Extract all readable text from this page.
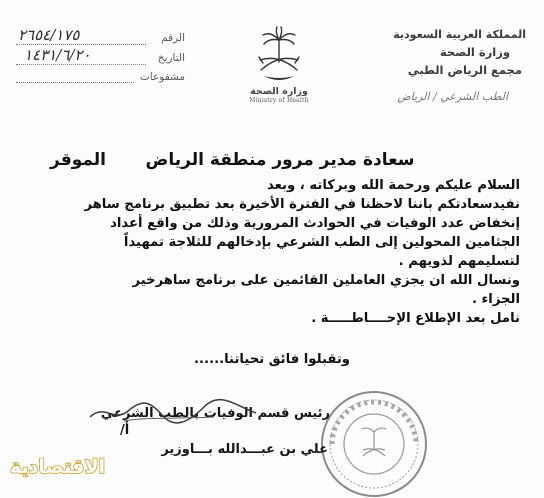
المملكة العربية السعودية
وزارة الصحة
مجمع الرياض الطبي
الطب الشرعي / الرياض
وزارة الصحة
Ministry of Health
٢٦٥٤/١٧٥	الرقم
١٤٣١/٦/٢٠	التاريخ
مشفوعات
سعادة مدير مرور منطقة الرياض
الموقر
السلام عليكم ورحمة الله وبركاته ، وبعد
نفيدسعادتكم باننا لاحظنا في الفترة الأخيرة بعد تطبيق برنامج ساهر
إنخفاض عدد الوفيات في الحوادث المرورية وذلك من واقع أعداد
الجثامين المحولين إلى الطب الشرعي بإدخالهم للثلاجة تمهيداً
لتسليمهم لذويهم .
ونسال الله ان يجزي العاملين القائمين على برنامج ساهرخير
الجزاء .
نامل بعد الإطلاع الإحــــاطـــــة .
وتقبلوا فائق تحياتنا......
رئيس قسم الوفيات بالطب الشرعي
أ/
علي بن عبـــدالله بـــاوزير
الاقتصادية
